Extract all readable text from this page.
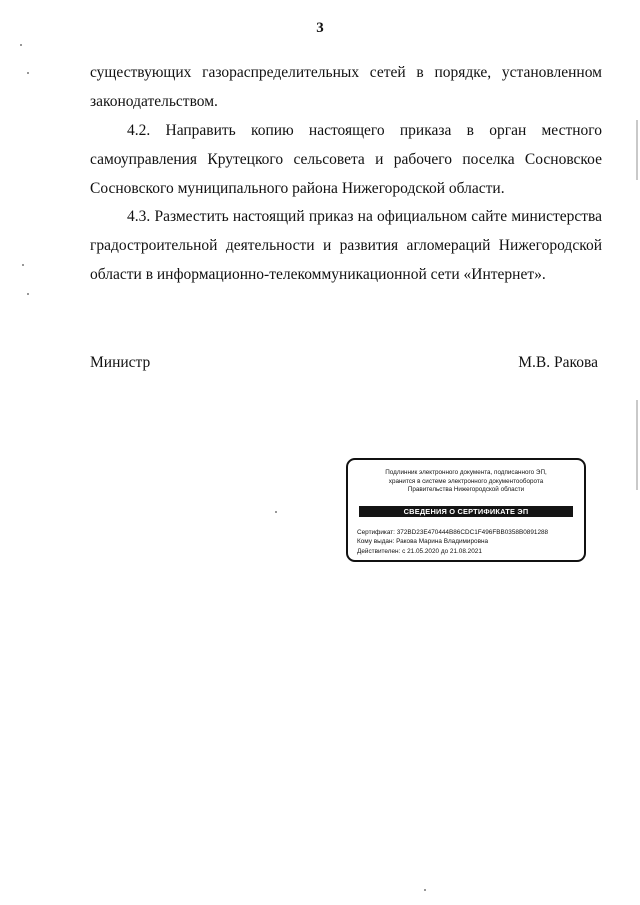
3
существующих газораспределительных сетей в порядке, установленном
законодательством.
4.2. Направить копию настоящего приказа в орган местного
самоуправления Крутецкого сельсовета и рабочего поселка Сосновское
Сосновского муниципального района Нижегородской области.
4.3. Разместить настоящий приказ на официальном сайте министерства
градостроительной деятельности и развития агломераций Нижегородской
области в информационно-телекоммуникационной сети «Интернет».
Министр	М.В. Ракова
Подлинник электронного документа, подписанного ЭП,
хранится в системе электронного документооборота
Правительства Нижегородской области
СВЕДЕНИЯ О СЕРТИФИКАТЕ ЭП
Сертификат: 372BD23E470444B86CDC1F496FBB0358B0891288
Кому выдан: Ракова Марина Владимировна
Действителен: с 21.05.2020 до 21.08.2021
